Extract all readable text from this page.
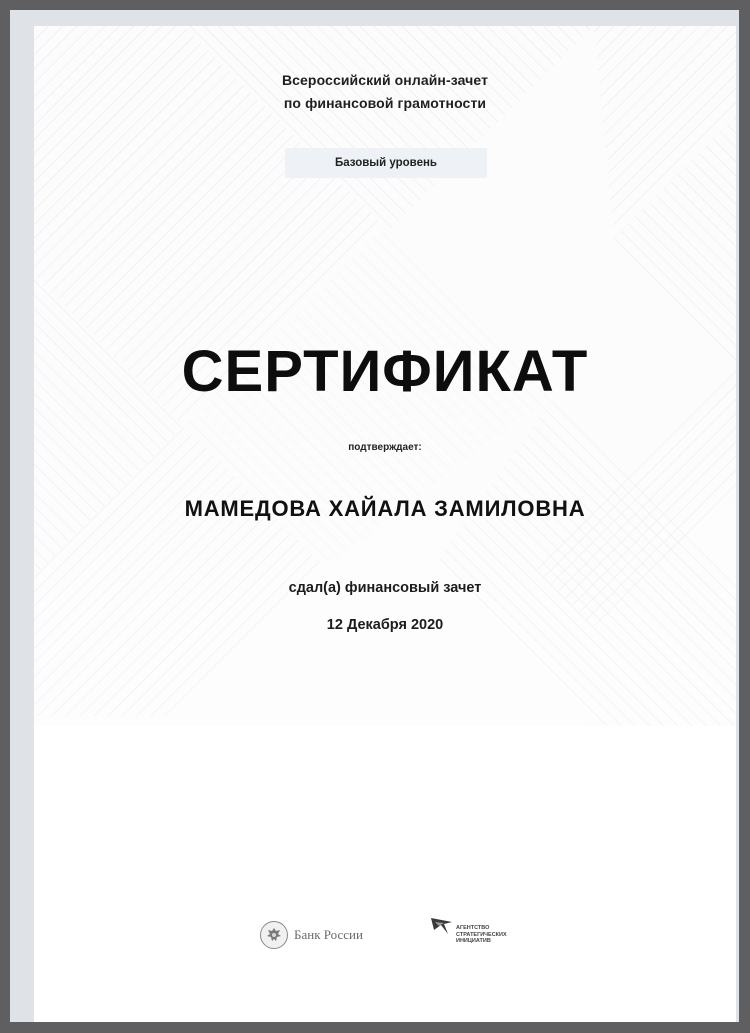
Всероссийский онлайн-зачет
по финансовой грамотности
Базовый уровень
СЕРТИФИКАТ
подтверждает:
МАМЕДОВА ХАЙАЛА ЗАМИЛОВНА
сдал(а) финансовый зачет
12 Декабря 2020
Банк России	АГЕНТСТВО
СТРАТЕГИЧЕСКИХ
ИНИЦИАТИВ
